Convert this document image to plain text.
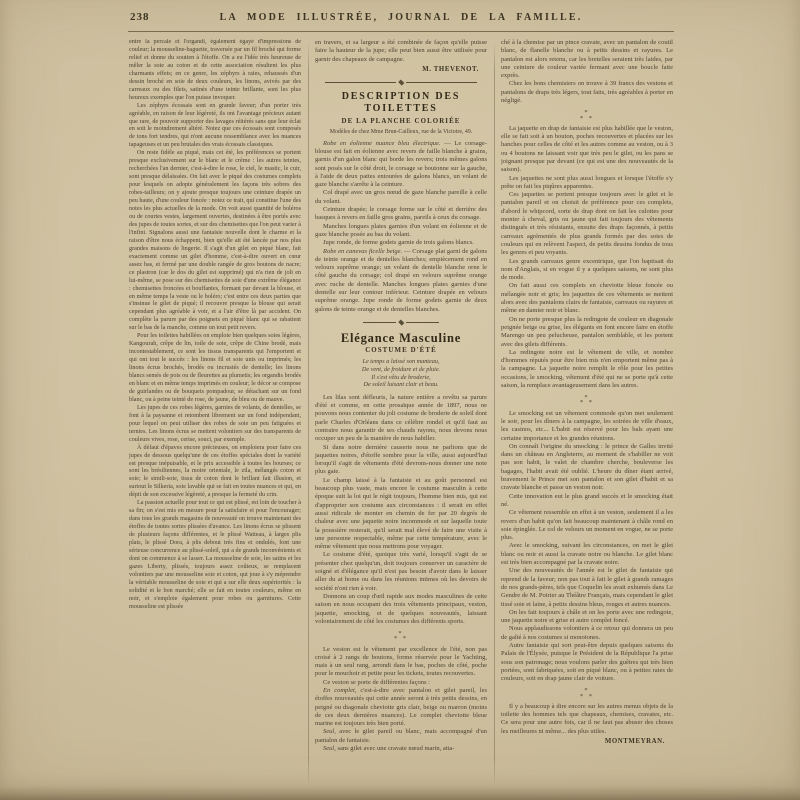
238	LA MODE ILLUSTRÉE, JOURNAL DE LA FAMILLE.

entre la percale et l'organdi, également égayé d'impressions de couleur; la mousseline-baguette, traversée par un fil broché qui forme relief et donne du soutien à l'étoffe. On a eu l'idée très heureuse de mêler la soie au coton et de cette association résultent les plus charmants effets; en ce genre, les zéphyrs à raies, rehaussés d'un dessin broché en soie de deux couleurs, les linons, avivés par des carreaux ou des filets, satinés d'une teinte brillante, sont les plus heureux exemples que l'on puisse invoquer.

Les zéphyrs écossais sont en grande faveur; d'un porter très agréable, en raison de leur légèreté, ils ont l'avantage précieux autant que rare, de pouvoir supporter des lavages réitérés sans que leur éclat en soit le moindrement altéré. Notez que ces écossais sont composés de tons fort tendres, qui n'ont aucune ressemblance avec les nuances tapageuses et un peu brutales des vrais écossais classiques.

On reste fidèle au piqué, mais cet été, les préférences se portent presque exclusivement sur le blanc et le crème : les autres teintes, recherchées l'an dernier, c'est-à-dire le rose, le ciel, le mastic, le cuir, sont presque délaissées. On fait avec le piqué des costumes complets pour lesquels on adopte généralement les façons très sobres des robes-tailleurs; on y ajoute presque toujours une ceinture drapée un peu haute, d'une couleur foncée : notez ce trait, qui constitue l'une des notes les plus actuelles de la mode. On voit aussi quantité de boléros ou de courtes vestes, largement ouvertes, destinées à être portés avec des jupes de toutes sortes, et sur des chemisettes que l'on peut varier à l'infini. Signalons aussi une fantaisie nouvelle dont le charme et la raison d'être nous échappent, bien qu'elle ait été lancée par nos plus grandes maisons de lingerie. Il s'agit d'un gilet en piqué blanc, fait exactement comme un gilet d'homme, c'est-à-dire ouvert en cœur assez bas, et fermé par une double rangée de gros boutons de nacre; ce plastron (car le dos du gilet est supprimé) qui n'a rien de joli en lui-même, se pose sur des chemisettes de soie d'une extrême élégance : chemisettes froncées et bouffantes, formant par devant la blouse, et en même temps la veste ou le boléro; c'est entre ces deux parties que s'insinue le gilet de piqué; il recouvre presque la blouse qui serait cependant plus agréable à voir, et a l'air d'être là par accident. On complète la parure par des poignets en piqué blanc qui se rabattent sur le bas de la manche, comme un tout petit revers.

Pour les toilettes habillées on emploie bien quelques soies légères, Kangourah, crêpe de lin, toile de soie, crêpe de Chine brodé, mais incontestablement, ce sont les tissus transparents qui l'emportent et qui ont tout le succès : les linons fil et soie unis ou imprimés; les linons écrus brochés, brodés ou incrustés de dentelle; les linons blancs semés de pois ou de fleurettes au plumetis; les organdis brodés en blanc et en même temps imprimés en couleur; le décor se compose de guirlandes ou de bouquets pompadour, se détachant sur un fond blanc, ou à peine teinté de rose, de jaune, de bleu ou de mauve.

Les jupes de ces robes légères, garnies de volants, de dentelles, se font à la paysanne et retombent librement sur un fond indépendant, pour lequel on peut utiliser des robes de soie un peu fatiguées et ternies. Les linons écrus se mettent volontiers sur des transparents de couleurs vives, rose, cerise, souci, par exemple.

À défaut d'épaves encore précieuses, on emploiera pour faire ces jupes de dessous quelqu'une de ces étoffes spéciales dont la variété est presque inépuisable, et le prix accessible à toutes les bourses; ce sont les brésiliennes, la moire orientale, le zila, mélangés coton et soie; le simili-soie, tissu de coton dont le brillant fait illusion, et surtout le Silkeria, soie lavable qui se fait en toutes nuances et qui, en dépit de son excessive légèreté, a presque la fermeté du crin.

La passion actuelle pour tout ce qui est plissé, est loin de toucher à sa fin; on s'est mis en mesure pour la satisfaire et pour l'encourager; dans tous les grands magasins de nouveauté on trouve maintenant des étoffes de toutes sortes plissées d'avance. Les linons écrus se plissent de plusieurs façons différentes, et le plissé Watteau, à larges plis plats, le plissé Dora, à plis debout très fins et ondulés, font une sérieuse concurrence au plissé-soleil, qui a de grands inconvénients et dont on commence à se lasser. La mousseline de soie, les satins et les gazes Liberty, plissés, toujours assez coûteux, se remplacent volontiers par une mousseline soie et coton, qui joue à s'y méprendre la véritable mousseline de soie et qui a sur elle deux supériorités : la solidité et le bon marché; elle se fait en toutes couleurs, même en noir, et s'emploie également pour robes ou garnitures. Cette mousseline est plissée

en travers, et sa largeur a été combinée de façon qu'elle puisse faire la hauteur de la jupe; elle peut bien aussi être utilisée pour garnir des chapeaux de campagne.

M. THEVENOT.

DESCRIPTION DES TOILETTES
DE LA PLANCHE COLORIÉE
Modèles de chez Mme Brun-Cailleux, rue de la Victoire, 49.

Robe en éolienne nuance bleu électrique. — Le corsage-blouse est fait en éolienne avec revers de faille blanche à grains, garnis d'un galon blanc qui borde les revers; trois mêmes galons sont posés sur le côté droit, le corsage se boutonne sur la gauche, à l'aide de deux pattes entourées de galons blancs, un volant de gaze blanche s'arrête à la ceinture.

Col drapé avec un gros nœud de gaze blanche pareille à celle du volant.

Ceinture drapée; le corsage forme sur le côté et derrière des basques à revers en faille gros grains, pareils à ceux du corsage.

Manches longues plates garnies d'un volant en éolienne et de gaze blanche posée au bas du volant.

Jupe ronde, de forme godets garnie de trois galons blancs.

Robe en canevas ficelle beige. — Corsage plat garni de galons de teinte orange et de dentelles blanches; empiècement rond en velours suprême orange; un volant de dentelle blanche orne le côté gauche du corsage; col drapé en velours suprême orange avec ruche de dentelle. Manches longues plates garnies d'une dentelle sur leur contour inférieur. Ceinture drapée en velours suprême orange. Jupe ronde de forme godets garnie de deux galons de teinte orange et de dentelles blanches.

Elégance Masculine
COSTUME D'ÉTÉ
Le temps a laissé son manteau,
De vent, de froidure et de pluie.
Il s'est vêtu de broderie,
De soleil luisant clair et beau.

Les lilas sont défleuris, la nature entière a revêtu sa parure d'été et comme, en cette prosaïque année de 1897, nous ne pouvons nous contenter du joli costume de broderie de soleil dont parle Charles d'Orléans dans ce célèbre rondel et qu'il faut au contraire nous garantir de ses chauds rayons, nous devons nous occuper un peu de la manière de nous habiller.

Si dans notre dernière causerie nous ne parlions que de jaquettes noires, d'étoffe sombre pour la ville, aussi aujourd'hui lorsqu'il s'agit de vêtements d'été devrons-nous donner une note plus gaie.

Le champ laissé à la fantaisie et au goût personnel est beaucoup plus vaste, mais encore le costume masculin à cette époque suit la loi qui le régit toujours, l'homme bien mis, qui est d'approprier son costume aux circonstances : il serait en effet aussi ridicule de monter en chemin de fer par 20 degrés de chaleur avec une jaquette noire incommode et sur laquelle toute la poussière resterait, qu'il serait mal élevé de faire une visite à une personne respectable, même par cette température, avec le même vêtement que nous mettrons pour voyager.

Le costume d'été, quoique très varié, lorsqu'il s'agit de se présenter chez quelqu'un, doit toujours conserver un caractère de soigné et d'élégance qu'il n'est pas besoin d'avoir dans le laisser aller du at home ou dans les réunions intimes où les devoirs de société n'ont rien à voir.

Donnons un coup d'œil rapide aux modes masculines de cette saison en nous occupant des trois vêtements principaux, veston, jaquette, smocking, et de quelques nouveautés, laissant volontairement de côté les costumes des différents sports.

*
* *

Le veston est le vêtement par excellence de l'été, non pas croisé à 2 rangs de boutons, forme réservée pour le Yachting, mais à un seul rang, arrondi dans le bas, poches de côté, poche pour le mouchoir et petite pour les tickets, toutes recouvertes.

Ce veston se porte de différentes façons :

En complet, c'est-à-dire avec pantalon et gilet pareil, les étoffes nouveautés qui cette année seront à très petits dessins, en peigné ou diagonale cheviotte gris clair, beige ou marron (moins de ces deux dernières nuances). Le complet cheviotte bleue marine est toujours très bien porté.

Seul, avec le gilet pareil ou blanc, mais accompagné d'un pantalon de fantaisie.

Seul, sans gilet avec une cravate nœud marin, atta-

ché à la chemise par un pince cravate, avec un pantalon de coutil blanc, de flanelle blanche ou à petits dessins et rayures. Le pantalon est alors retenu, car les bretelles seraient très laides, par une ceinture de couleur variée fermant avec une boucle faite exprès.

Chez les bons chemisiers on trouve à 39 francs des vestons et pantalons de draps très légers, tout faits, très agréables à porter en négligé.

*
* *

La jaquette en drap de fantaisie est plus habillée que le veston, elle se fait soit à un bouton, poches recouvertes et placées sur les hanches pour celles de côté et les autres comme au veston, ou à 3 ou 4 boutons ne laissant voir que très peu le gilet, ou les pans se joignant presque par devant (ce qui est une des nouveautés de la saison).

Les jaquettes ne sont plus aussi longues et lorsque l'étoffe s'y prête on fait les piqûres apparentes.

Ces jaquettes se portent presque toujours avec le gilet et le pantalon pareil et on choisit de préférence pour ces complets, d'abord le whipcord, sorte de drap dont on fait les culottes pour monter à cheval, gris ou jaune qui fait toujours des vêtements distingués et très résistants, ensuite des draps façonnés, à petits carreaux agrémentés de plus grands formés par des soies de couleurs qui en relèvent l'aspect, de petits dessins fondus de tous les genres et peu voyants.

Les grands carreaux genre excentrique, que l'on baptisait du nom d'Anglais, si en vogue il y a quelques saisons, ne sont plus de mode.

On fait aussi ces complets en cheviotte bleue foncée ou mélangée noir et gris; les jaquettes de ces vêtements se mettent alors avec des pantalons clairs de fantaisie, carreaux ou rayures et même en damier noir et blanc.

On ne porte presque plus la redingote de couleur en diagonale peignée beige ou grise, les élégants en font encore faire en étoffe Marengo un peu pelucheuse, pantalon semblable, et les portent avec des gilets différents.

La redingote noire est le vêtement de ville, et nombre d'hommes réputés pour être bien mis n'en emportent même pas à la campagne. La jaquette noire remplit le rôle pour les petites occasions, le smocking, vêtement d'été qui ne se porte qu'à cette saison, la remplace avantageusement dans les autres.

*
* *

Le smocking est un vêtement commode qu'on met seulement le soir, pour les dîners à la campagne, les soirées de ville d'eaux, les casinos, etc... L'habit est réservé pour les bals ayant une certaine importance et les grandes réunions.

On connaît l'origine du smocking : le prince de Galles invité dans un château en Angleterre, au moment de s'habiller ne voit pas son habit, le valet de chambre cherche, bouleverse les bagages, l'habit avait été oublié. L'heure du dîner étant arrivé, bravement le Prince met son pantalon et son gilet d'habit et sa cravate blanche et passe un veston noir.

Cette innovation eut le plus grand succès et le smocking était né.

Ce vêtement ressemble en effet à un veston, seulement il a les revers d'un habit qu'on fait beaucoup maintenant à châle rond en soie épinglée. Le col de velours un moment en vogue, ne se porte plus.

Avec le smocking, suivant les circonstances, on met le gilet blanc ou noir et aussi la cravate noire ou blanche. Le gilet blanc est très bien accompagné par la cravate noire.

Une des nouveautés de l'année est le gilet de fantaisie qui reprend de la faveur; non pas tout à fait le gilet à grands ramages de nos grands-pères, tels que Coquelin les avait exhumés dans Le Gendre de M. Poirier au Théâtre Français, mais cependant le gilet tissé soie et laine, à petits dessins bleus, rouges et autres nuances.

On les fait toujours à châle et on les porte avec une redingote, une jaquette noire et grise et autre complet foncé.

Nous applaudissons volontiers à ce retour qui donnera un peu de gaîté à nos costumes si monotones.

Autre fantaisie qui sort peut-être depuis quelques saisons du Palais de l'Élysée, puisque le Président de la République l'a prise sous son patronage; nous voulons parler des guêtres qui très bien portées, sont fabriquées, soit en piqué blanc, ou à petites raies de couleurs, soit en drap jaune clair de voiture.

*
* *

Il y a beaucoup à dire encore sur les autres menus objets de la toilette des hommes tels que chapeaux, chemises, cravates, etc. Ce sera pour une autre fois, car il ne faut pas abuser des choses les meilleures ni même... des plus utiles.

MONTMEYRAN.
